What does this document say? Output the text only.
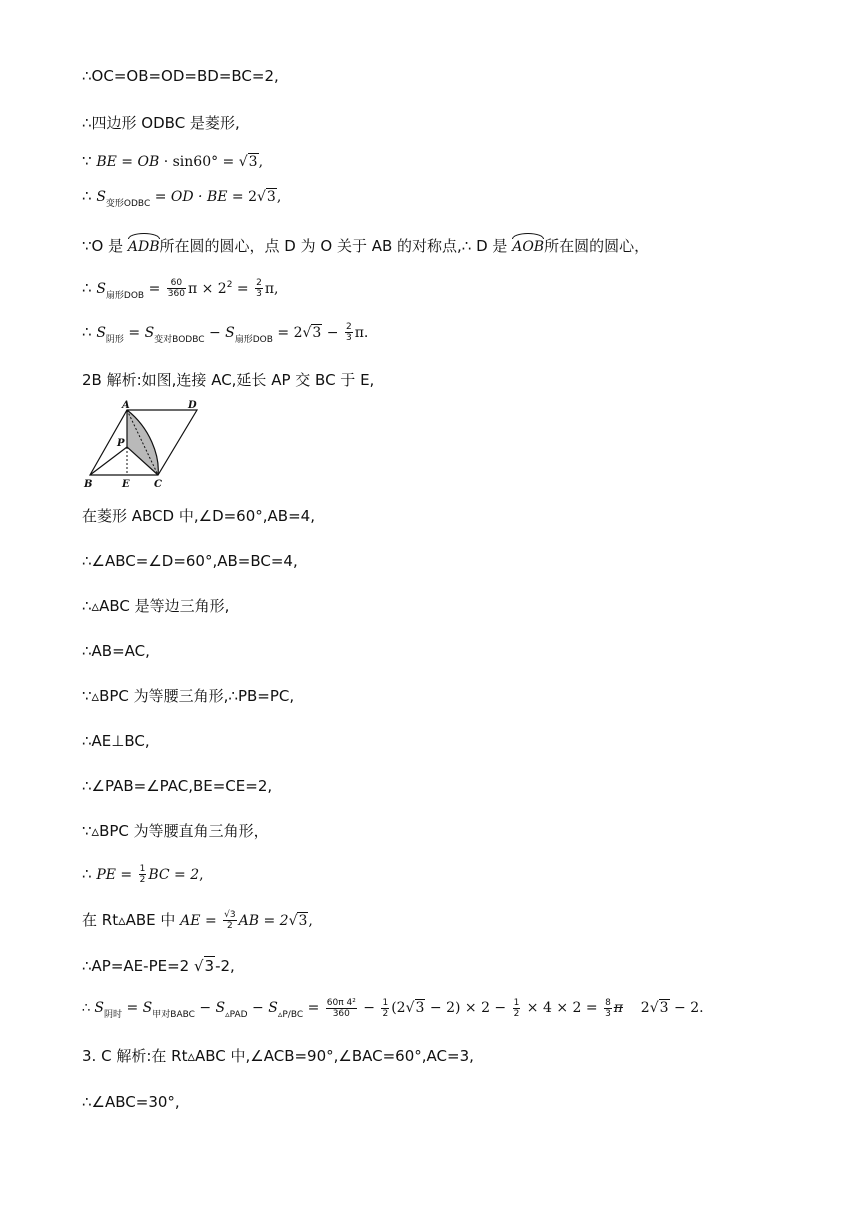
∴OC=OB=OD=BD=BC=2,
∴四边形 ODBC 是菱形,
∵ BE = OB · sin60° = √3,
∴ $S_{变形ODBC}$ = OD · BE = 2√3,
∵O 是 ADB所在圆的圆心，点 D 为 O 关于 AB 的对称点,∴ D 是 AOB所在圆的圆心，
∴ $S_{扇形DOB} = \frac{60}{360}$ $\pi \times 2^2 = \frac{2}{3} \pi$,
∴ $S_{阴形} = S_{变对BODBC} - S_{扇形DOB} = 2√3 - \frac{2}{3} \pi$.
2B 解析:如图,连接 AC,延长 AP 交 BC 于 E,
A	D
P
B	E C
在菱形 ABCD 中,∠D=60°,AB=4,
∴∠ABC=∠D=60°,AB=BC=4,
∴▵ABC 是等边三角形,
∴AB=AC,
∵▵BPC 为等腰三角形,∴PB=PC,
∴AE⊥BC,
∴∠PAB=∠PAC,BE=CE=2,
∵▵BPC 为等腰直角三角形，
∴ PE = $\frac{1}{2}$ BC = 2,
在 Rt▵ABE 中 AE = $\frac{√3}{2}$ AB = 2√3,
∴AP=AE-PE=2 √3-2,
∴ $S_{阴时} = S_{甲对BABC} - S_{▵PAD} - S_{▵P/BC} = \frac{\text{60π 4²}}{360} - \frac{1}{2} (2√3 - 2) \times 2 - \frac{1}{2} \times 4 \times 2 = \frac{8}{3}$ π    2√3 − 2.
3. C 解析:在 Rt▵ABC 中,∠ACB=90°,∠BAC=60°,AC=3,
∴∠ABC=30°,
